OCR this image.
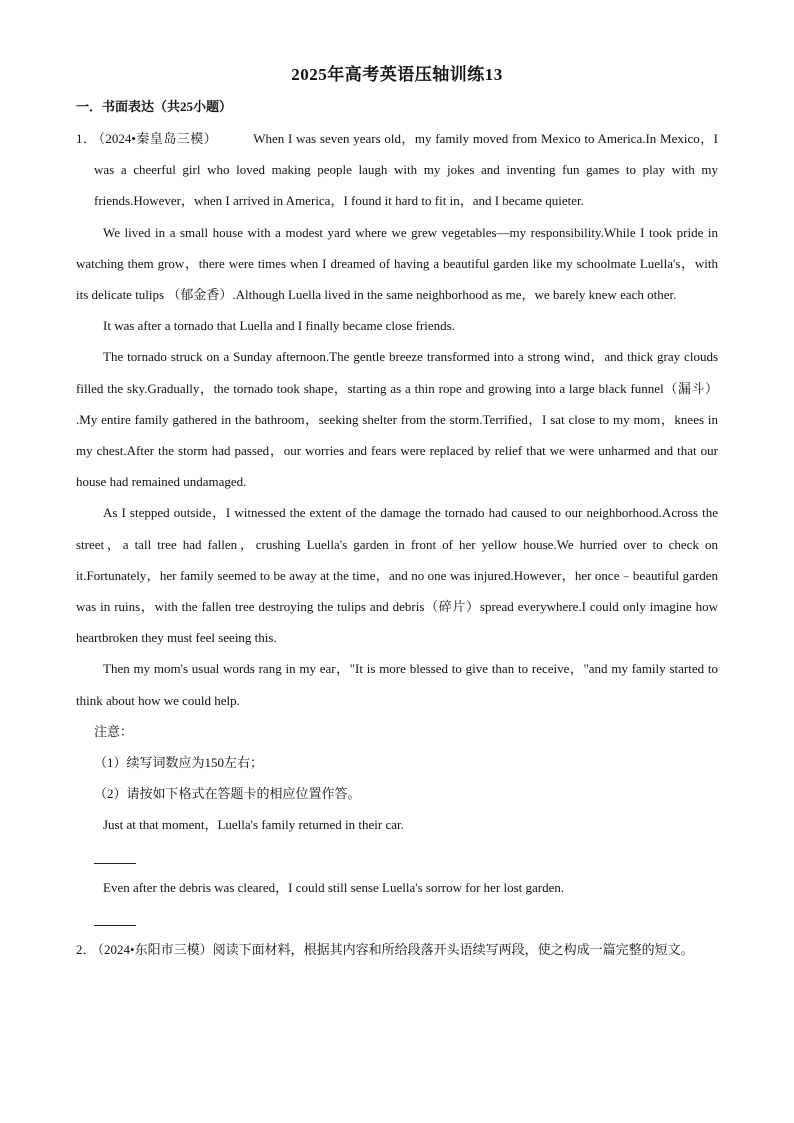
2025年高考英语压轴训练13
一．书面表达（共25小题）

1． （2024•秦皇岛三模）	When I was seven years old，my family moved from Mexico to America.In Mexico，I was a cheerful girl who loved making people laugh with my jokes and inventing fun games to play with my friends.However，when I arrived in America，I found it hard to fit in，and I became quieter.

We lived in a small house with a modest yard where we grew vegetables—my responsibility.While I took pride in watching them grow，there were times when I dreamed of having a beautiful garden like my schoolmate Luella's，with its delicate tulips （郁金香）.Although Luella lived in the same neighborhood as me，we barely knew each other.

It was after a tornado that Luella and I finally became close friends.

The tornado struck on a Sunday afternoon.The gentle breeze transformed into a strong wind，and thick gray clouds filled the sky.Gradually，the tornado took shape，starting as a thin rope and growing into a large black funnel（漏斗） .My entire family gathered in the bathroom，seeking shelter from the storm.Terrified，I sat close to my mom，knees in my chest.After the storm had passed，our worries and fears were replaced by relief that we were unharmed and that our house had remained undamaged.

As I stepped outside，I witnessed the extent of the damage the tornado had caused to our neighborhood.Across the street，a tall tree had fallen，crushing Luella's garden in front of her yellow house.We hurried over to check on it.Fortunately，her family seemed to be away at the time，and no one was injured.However，her once﹣beautiful garden was in ruins，with the fallen tree destroying the tulips and debris（碎片）spread everywhere.I could only imagine how heartbroken they must feel seeing this.

Then my mom's usual words rang in my ear，"It is more blessed to give than to receive，"and my family started to think about how we could help.

注意：

（1）续写词数应为150左右；

（2）请按如下格式在答题卡的相应位置作答。

Just at that moment，Luella's family returned in their car.

Even after the debris was cleared，I could still sense Luella's sorrow for her lost garden.

2． （2024•东阳市三模）阅读下面材料，根据其内容和所给段落开头语续写两段，使之构成一篇完整的短文。
